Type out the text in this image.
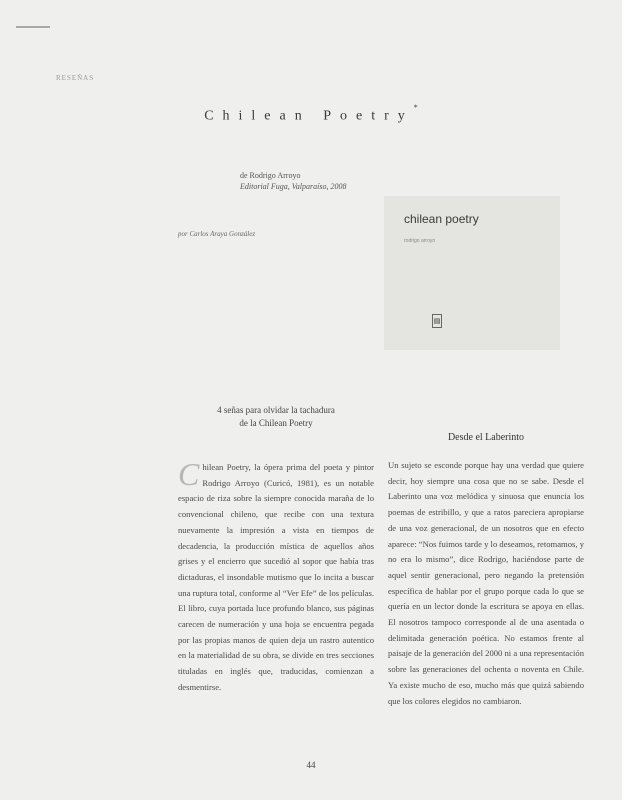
RESEÑAS
Chilean Poetry*
de Rodrigo Arroyo
Editorial Fuga, Valparaíso, 2008
por Carlos Araya González
chilean poetry
rodrigo arroyo
▤
4 señas para olvidar la tachadura
de la Chilean Poetry
Desde el Laberinto
C hilean Poetry, la ópera prima del poeta y pintor Rodrigo Arroyo (Curicó, 1981), es un notable espacio de riza sobre la siempre conocida maraña de lo convencional chileno, que recibe con una textura nuevamente la impresión a vista en tiempos de decadencia, la producción mística de aquellos años grises y el encierro que sucedió al sopor que había tras dictaduras, el insondable mutismo que lo incita a buscar una ruptura total, conforme al “Ver Efe” de los películas. El libro, cuya portada luce profundo blanco, sus páginas carecen de numeración y una hoja se encuentra pegada por las propias manos de quien deja un rastro autentico en la materialidad de su obra, se divide en tres secciones tituladas en inglés que, traducidas, comienzan a desmentirse.
Un sujeto se esconde porque hay una verdad que quiere decir, hoy siempre una cosa que no se sabe. Desde el Laberinto una voz melódica y sinuosa que enuncia los poemas de estribillo, y que a ratos pareciera apropiarse de una voz generacional, de un nosotros que en efecto aparece: “Nos fuimos tarde y lo deseamos, retomamos, y no era lo mismo”, dice Rodrigo, haciéndose parte de aquel sentir generacional, pero negando la pretensión específica de hablar por el grupo porque cada lo que se quería en un lector donde la escritura se apoya en ellas. El nosotros tampoco corresponde al de una asentada o delimitada generación poética. No estamos frente al paisaje de la generación del 2000 ni a una representación sobre las generaciones del ochenta o noventa en Chile. Ya existe mucho de eso, mucho más que quizá sabiendo que los colores elegidos no cambiaron.
44
